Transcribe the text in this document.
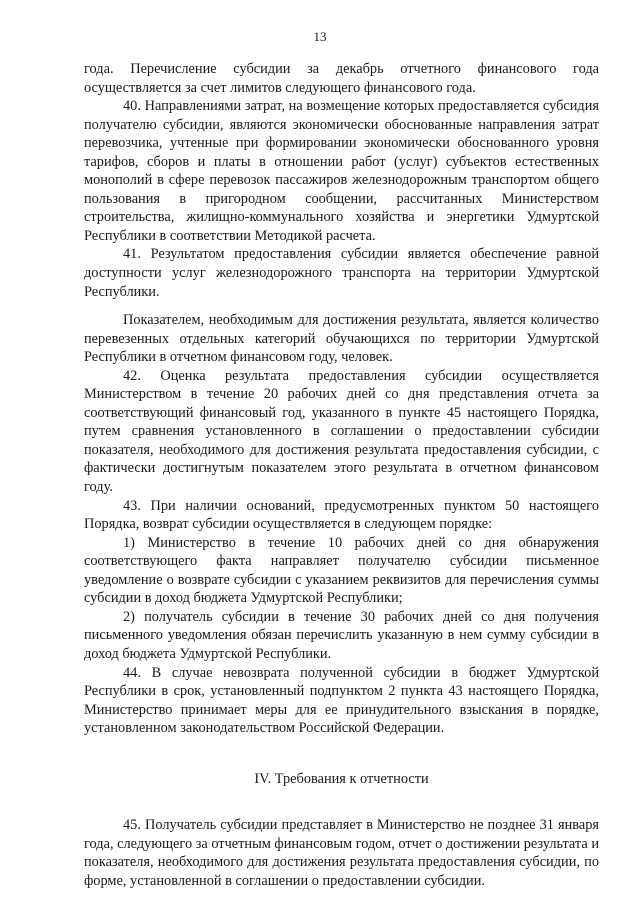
13

года. Перечисление субсидии за декабрь отчетного финансового года осуществляется за счет лимитов следующего финансового года.

40. Направлениями затрат, на возмещение которых предоставляется субсидия получателю субсидии, являются экономически обоснованные направления затрат перевозчика, учтенные при формировании экономически обоснованного уровня тарифов, сборов и платы в отношении работ (услуг) субъектов естественных монополий в сфере перевозок пассажиров железнодорожным транспортом общего пользования в пригородном сообщении, рассчитанных Министерством строительства, жилищно-коммунального хозяйства и энергетики Удмуртской Республики в соответствии Методикой расчета.

41. Результатом предоставления субсидии является обеспечение равной доступности услуг железнодорожного транспорта на территории Удмуртской Республики.

Показателем, необходимым для достижения результата, является количество перевезенных отдельных категорий обучающихся по территории Удмуртской Республики в отчетном финансовом году, человек.

42. Оценка результата предоставления субсидии осуществляется Министерством в течение 20 рабочих дней со дня представления отчета за соответствующий финансовый год, указанного в пункте 45 настоящего Порядка, путем сравнения установленного в соглашении о предоставлении субсидии показателя, необходимого для достижения результата предоставления субсидии, с фактически достигнутым показателем этого результата в отчетном финансовом году.

43. При наличии оснований, предусмотренных пунктом 50 настоящего Порядка, возврат субсидии осуществляется в следующем порядке:

1) Министерство в течение 10 рабочих дней со дня обнаружения соответствующего факта направляет получателю субсидии письменное уведомление о возврате субсидии с указанием реквизитов для перечисления суммы субсидии в доход бюджета Удмуртской Республики;

2) получатель субсидии в течение 30 рабочих дней со дня получения письменного уведомления обязан перечислить указанную в нем сумму субсидии в доход бюджета Удмуртской Республики.

44. В случае невозврата полученной субсидии в бюджет Удмуртской Республики в срок, установленный подпунктом 2 пункта 43 настоящего Порядка, Министерство принимает меры для ее принудительного взыскания в порядке, установленном законодательством Российской Федерации.

IV. Требования к отчетности

45. Получатель субсидии представляет в Министерство не позднее 31 января года, следующего за отчетным финансовым годом, отчет о достижении результата и показателя, необходимого для достижения результата предоставления субсидии, по форме, установленной в соглашении о предоставлении субсидии.
